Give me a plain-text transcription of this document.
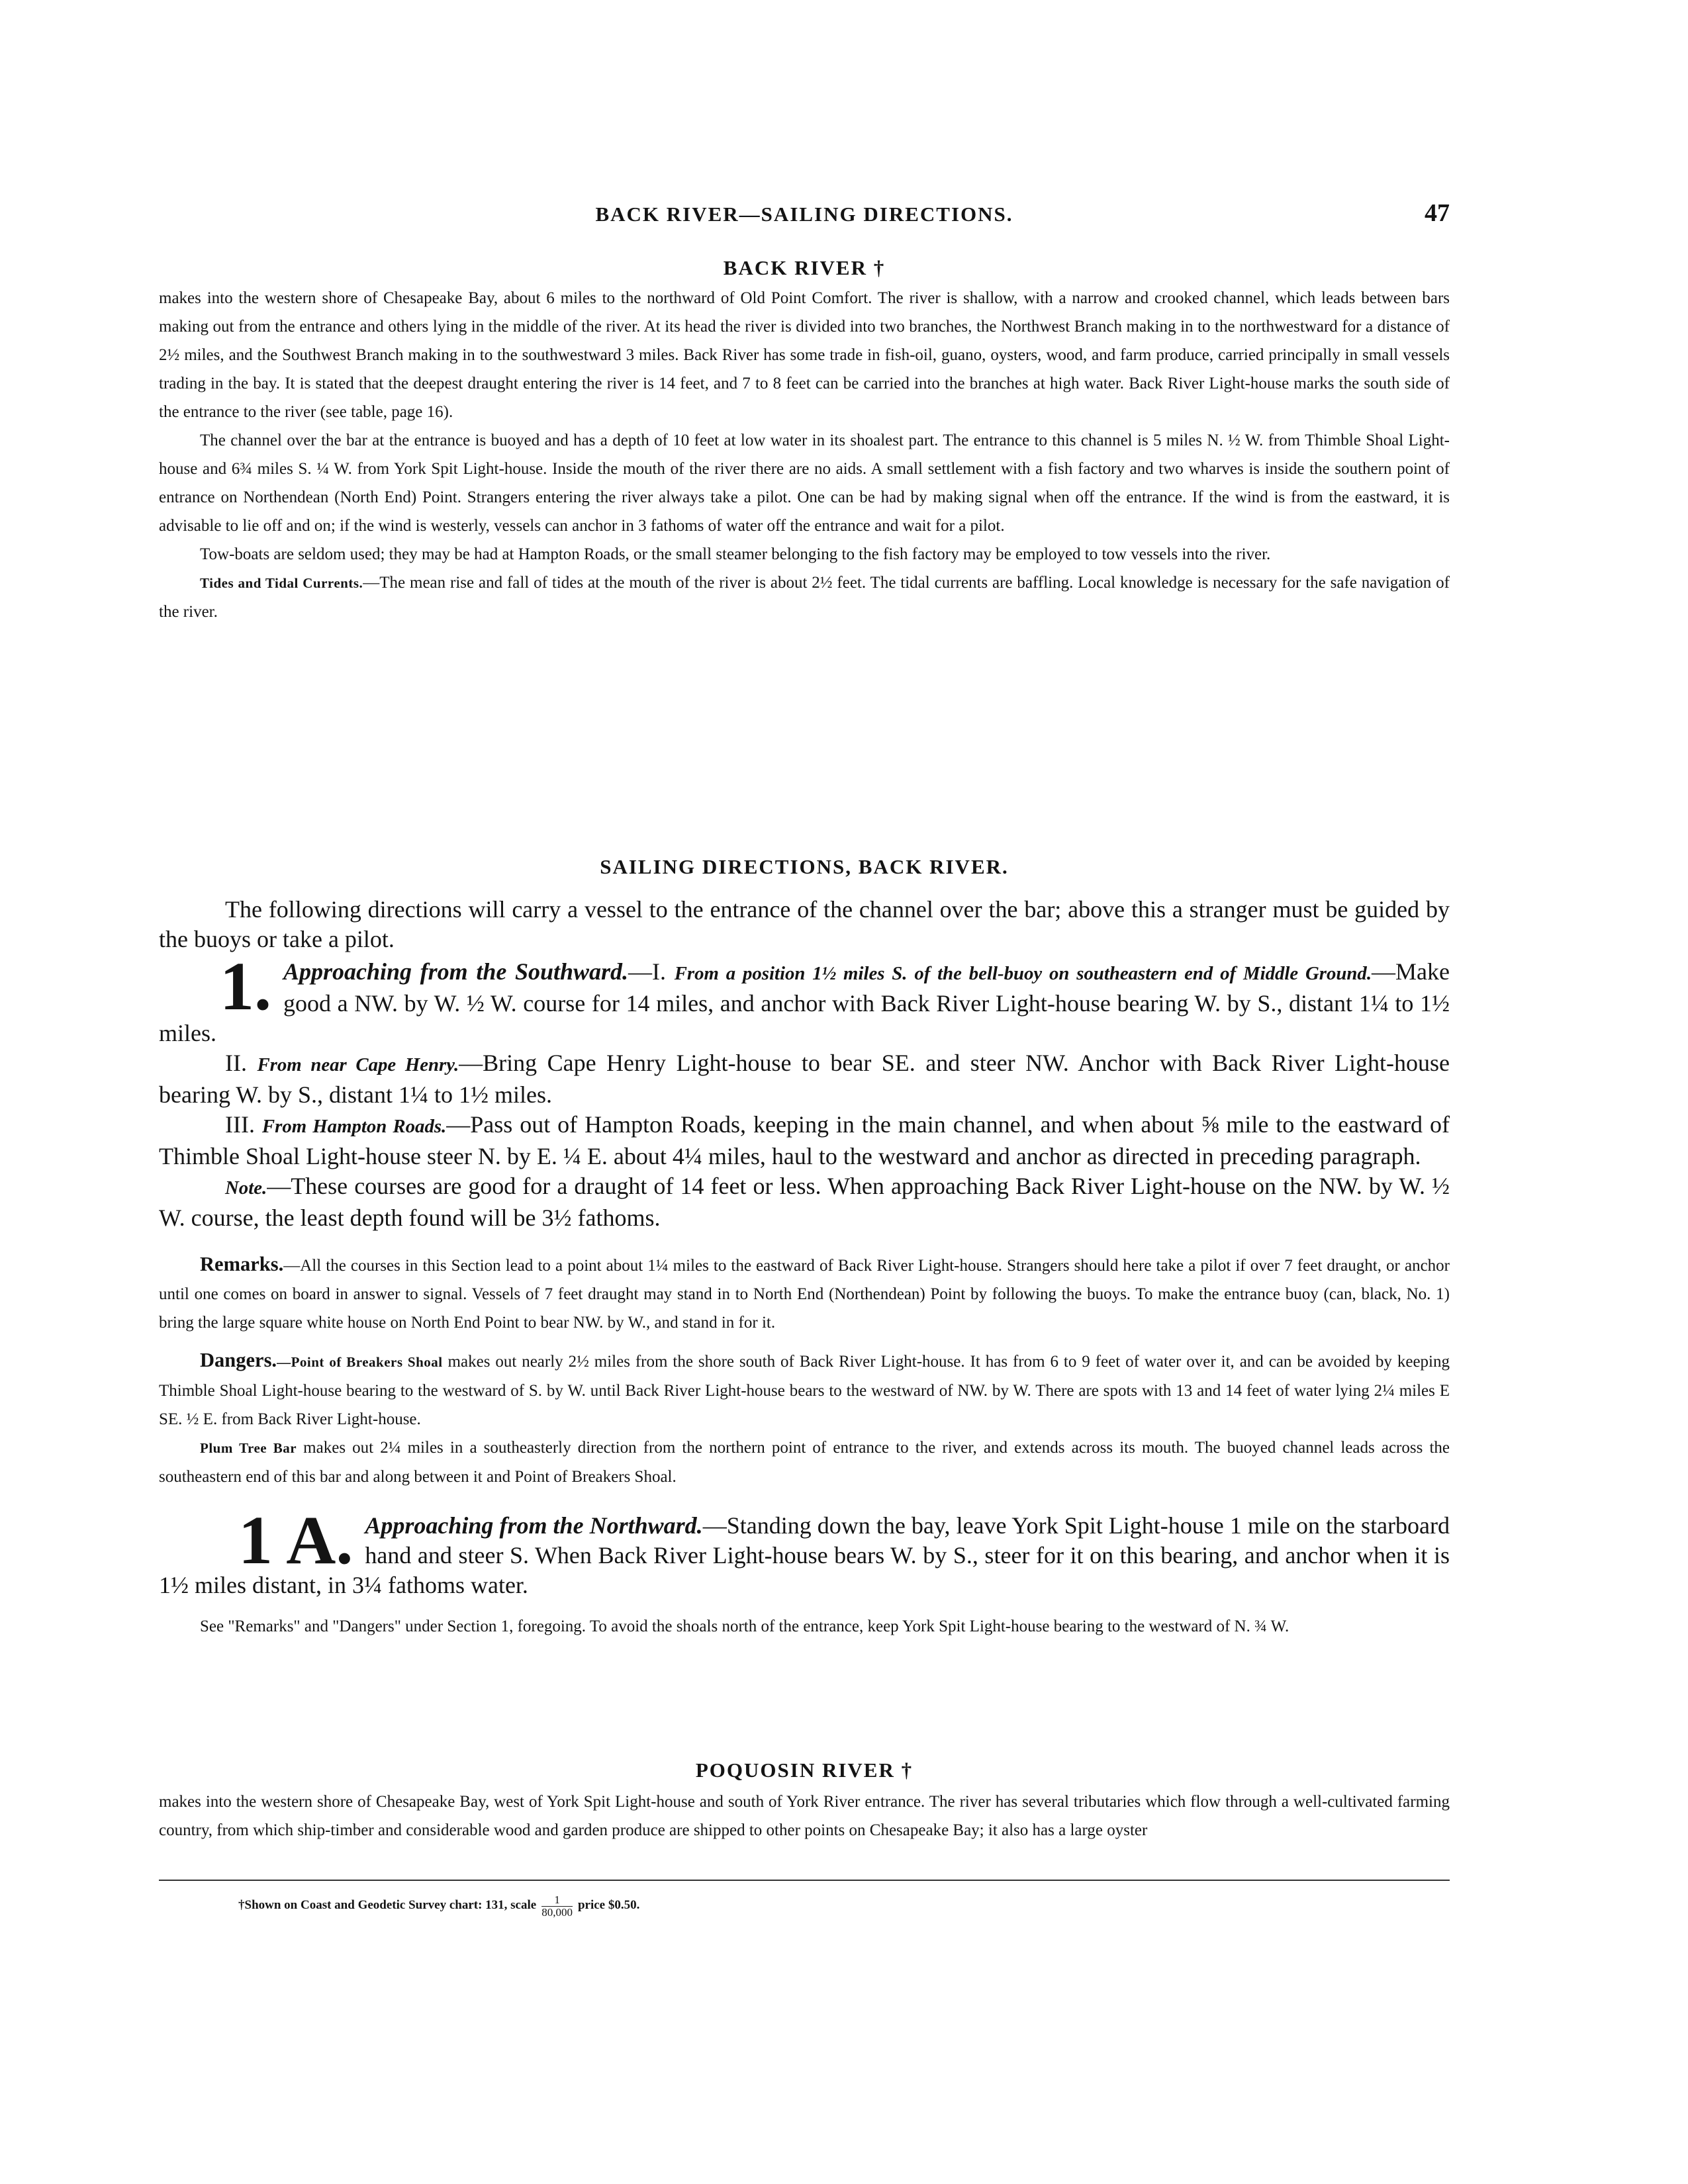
BACK RIVER—SAILING DIRECTIONS.	47

BACK RIVER †

makes into the western shore of Chesapeake Bay, about 6 miles to the northward of Old Point Comfort. The river is shallow, with a narrow and crooked channel, which leads between bars making out from the entrance and others lying in the middle of the river. At its head the river is divided into two branches, the Northwest Branch making in to the northwestward for a distance of 2½ miles, and the Southwest Branch making in to the southwestward 3 miles. Back River has some trade in fish-oil, guano, oysters, wood, and farm produce, carried principally in small vessels trading in the bay. It is stated that the deepest draught entering the river is 14 feet, and 7 to 8 feet can be carried into the branches at high water. Back River Light-house marks the south side of the entrance to the river (see table, page 16).

The channel over the bar at the entrance is buoyed and has a depth of 10 feet at low water in its shoalest part. The entrance to this channel is 5 miles N. ½ W. from Thimble Shoal Light-house and 6¾ miles S. ¼ W. from York Spit Light-house. Inside the mouth of the river there are no aids. A small settlement with a fish factory and two wharves is inside the southern point of entrance on Northendean (North End) Point. Strangers entering the river always take a pilot. One can be had by making signal when off the entrance. If the wind is from the eastward, it is advisable to lie off and on; if the wind is westerly, vessels can anchor in 3 fathoms of water off the entrance and wait for a pilot.

Tow-boats are seldom used; they may be had at Hampton Roads, or the small steamer belonging to the fish factory may be employed to tow vessels into the river.

Tides and Tidal Currents.—The mean rise and fall of tides at the mouth of the river is about 2½ feet. The tidal currents are baffling. Local knowledge is necessary for the safe navigation of the river.

SAILING DIRECTIONS, BACK RIVER.

The following directions will carry a vessel to the entrance of the channel over the bar; above this a stranger must be guided by the buoys or take a pilot.

1. Approaching from the Southward.—I. From a position 1½ miles S. of the bell-buoy on southeastern end of Middle Ground.—Make good a NW. by W. ½ W. course for 14 miles, and anchor with Back River Light-house bearing W. by S., distant 1¼ to 1½ miles.

II. From near Cape Henry.—Bring Cape Henry Light-house to bear SE. and steer NW. Anchor with Back River Light-house bearing W. by S., distant 1¼ to 1½ miles.

III. From Hampton Roads.—Pass out of Hampton Roads, keeping in the main channel, and when about ⅝ mile to the eastward of Thimble Shoal Light-house steer N. by E. ¼ E. about 4¼ miles, haul to the westward and anchor as directed in preceding paragraph.

Note.—These courses are good for a draught of 14 feet or less. When approaching Back River Light-house on the NW. by W. ½ W. course, the least depth found will be 3½ fathoms.

Remarks.—All the courses in this Section lead to a point about 1¼ miles to the eastward of Back River Light-house. Strangers should here take a pilot if over 7 feet draught, or anchor until one comes on board in answer to signal. Vessels of 7 feet draught may stand in to North End (Northendean) Point by following the buoys. To make the entrance buoy (can, black, No. 1) bring the large square white house on North End Point to bear NW. by W., and stand in for it.

Dangers.—Point of Breakers Shoal makes out nearly 2½ miles from the shore south of Back River Light-house. It has from 6 to 9 feet of water over it, and can be avoided by keeping Thimble Shoal Light-house bearing to the westward of S. by W. until Back River Light-house bears to the westward of NW. by W. There are spots with 13 and 14 feet of water lying 2¼ miles E SE. ½ E. from Back River Light-house.

Plum Tree Bar makes out 2¼ miles in a southeasterly direction from the northern point of entrance to the river, and extends across its mouth. The buoyed channel leads across the southeastern end of this bar and along between it and Point of Breakers Shoal.

1 A. Approaching from the Northward.—Standing down the bay, leave York Spit Light-house 1 mile on the starboard hand and steer S. When Back River Light-house bears W. by S., steer for it on this bearing, and anchor when it is 1½ miles distant, in 3¼ fathoms water.

See "Remarks" and "Dangers" under Section 1, foregoing. To avoid the shoals north of the entrance, keep York Spit Light-house bearing to the westward of N. ¾ W.

POQUOSIN RIVER †

makes into the western shore of Chesapeake Bay, west of York Spit Light-house and south of York River entrance. The river has several tributaries which flow through a well-cultivated farming country, from which ship-timber and considerable wood and garden produce are shipped to other points on Chesapeake Bay; it also has a large oyster

†Shown on Coast and Geodetic Survey chart: 131, scale $\frac{1}{80,000}$ price $0.50.
